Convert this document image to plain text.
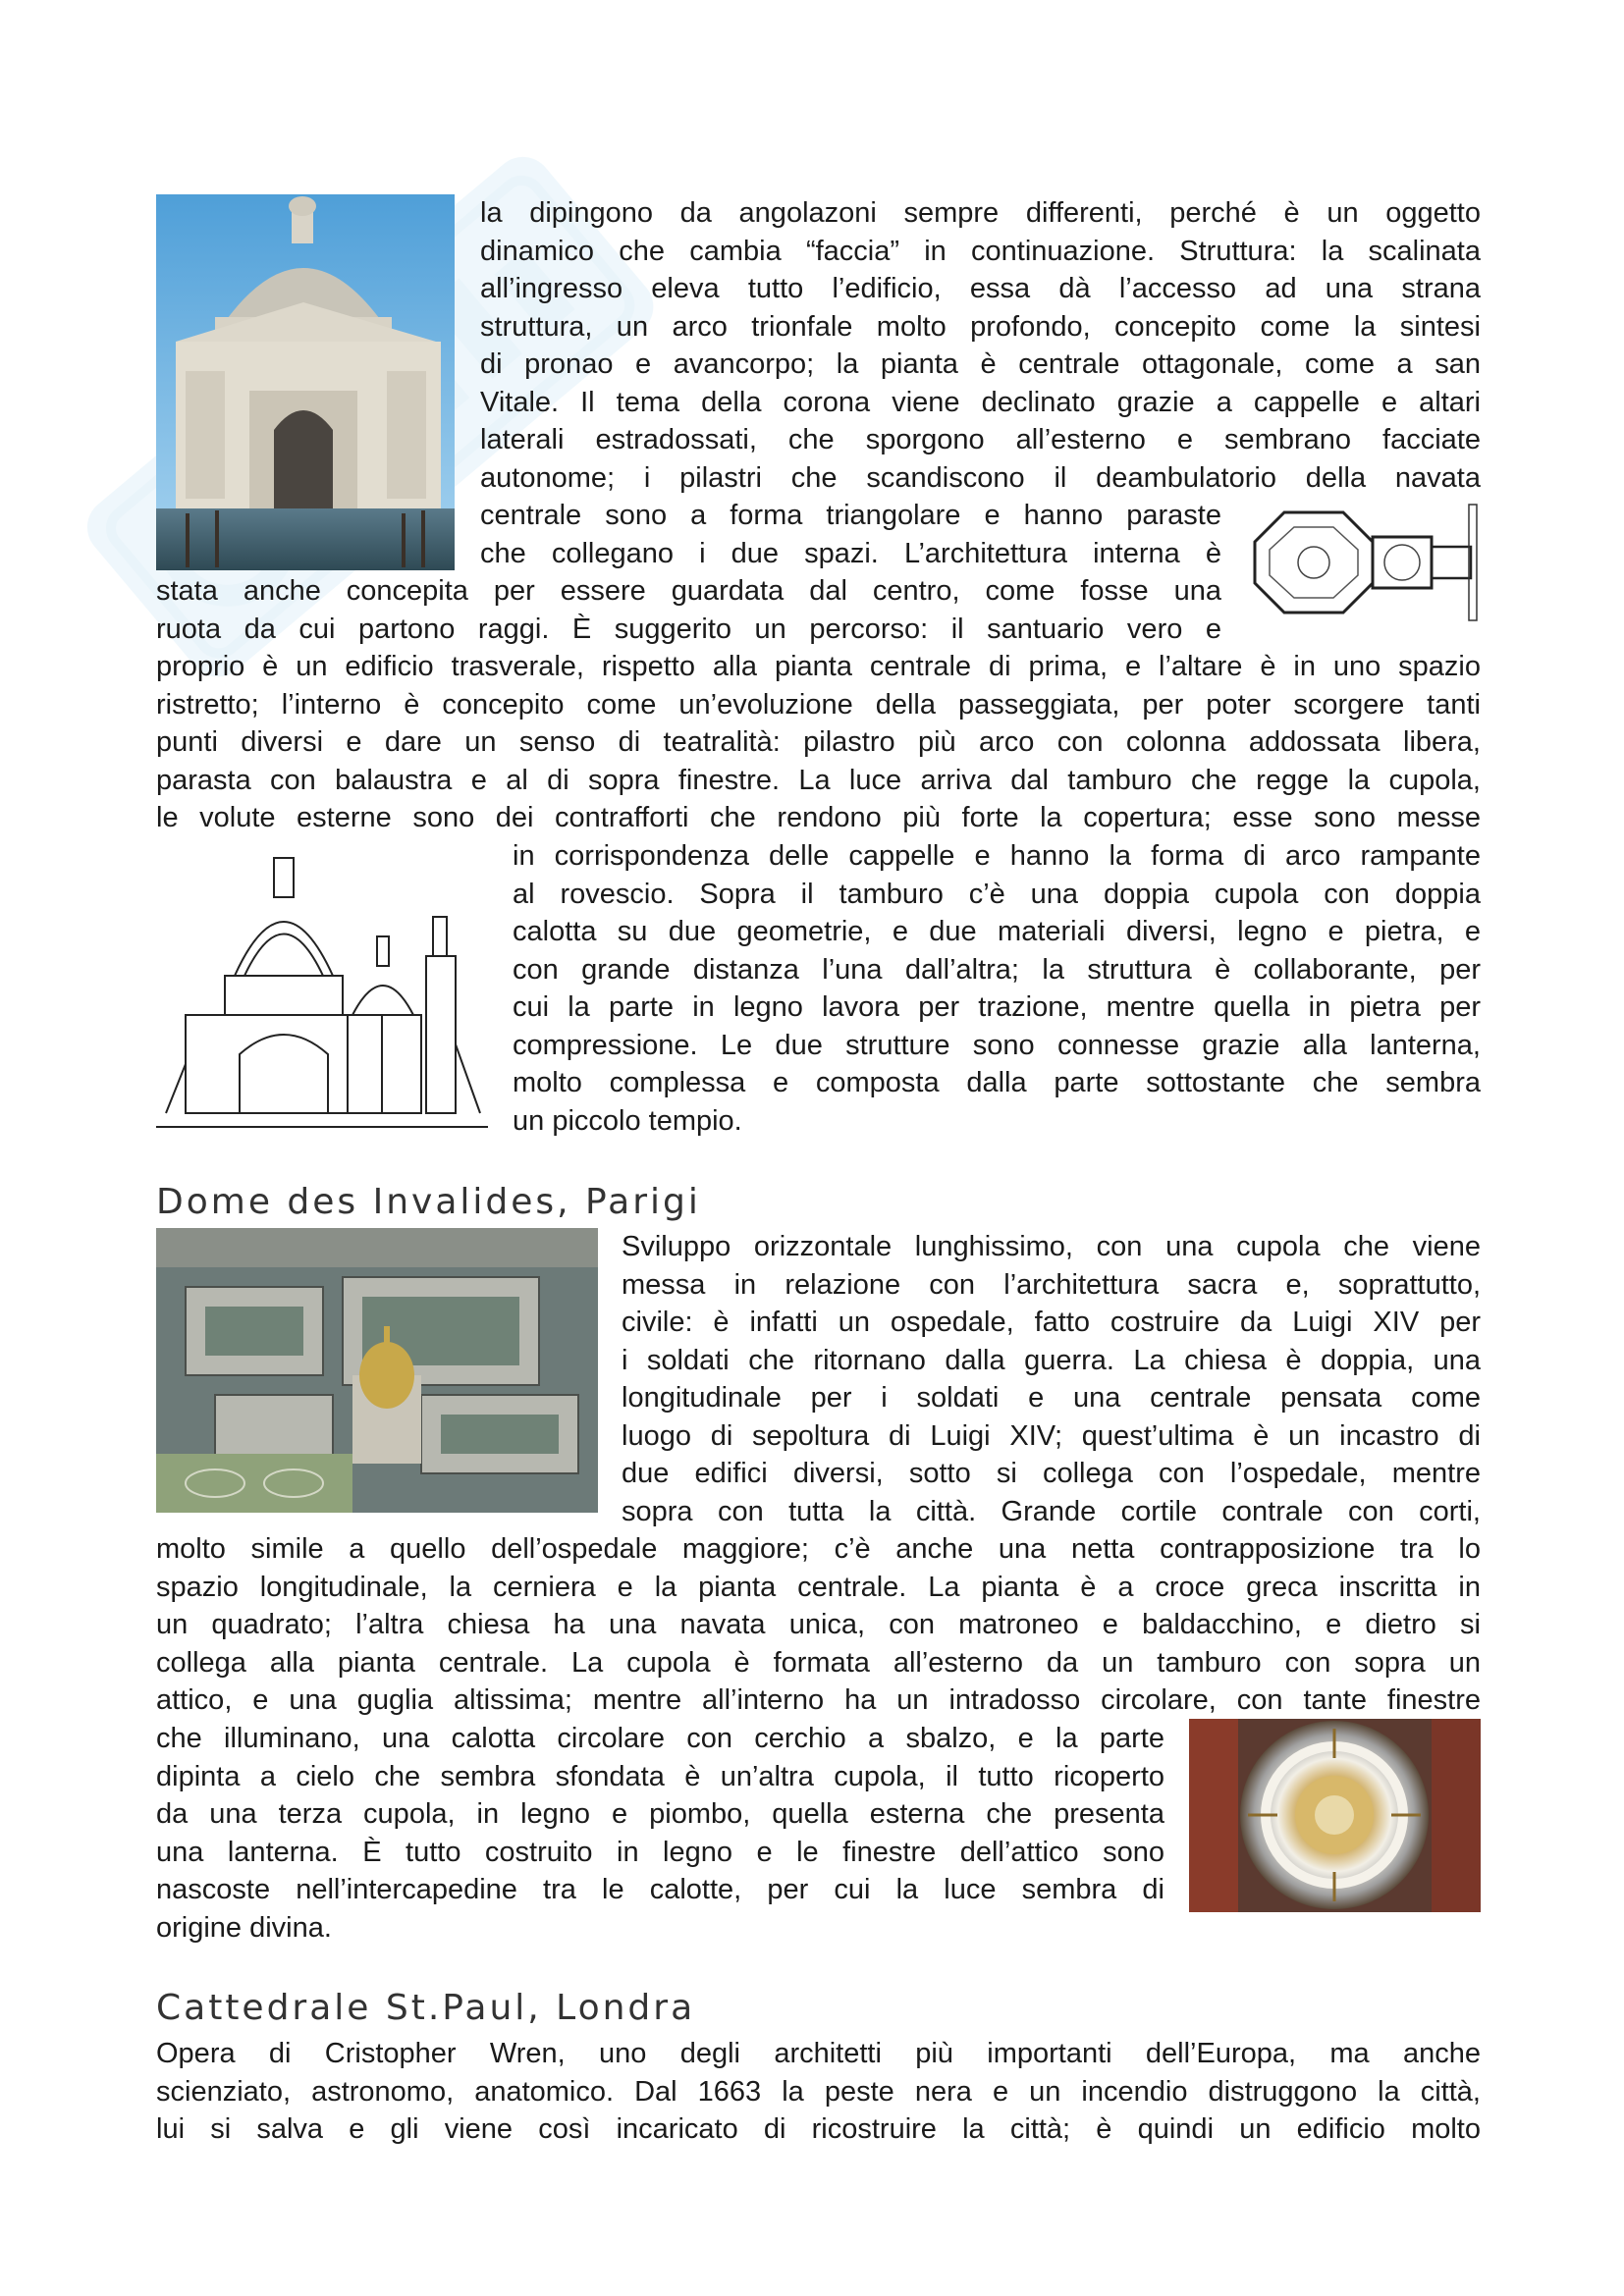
la dipingono da angolazoni sempre differenti, perché è un oggetto
dinamico che cambia “faccia” in continuazione. Struttura: la scalinata
all’ingresso eleva tutto l’edificio, essa dà l’accesso ad una strana
struttura, un arco trionfale molto profondo, concepito come la sintesi
di pronao e avancorpo; la pianta è centrale ottagonale, come a san
Vitale. Il tema della corona viene declinato grazie a cappelle e altari
laterali estradossati, che sporgono all’esterno e sembrano facciate
autonome; i pilastri che scandiscono il deambulatorio della navata
centrale sono a forma triangolare e hanno paraste
che collegano i due spazi. L’architettura interna è
stata anche concepita per essere guardata dal centro, come fosse una
ruota da cui partono raggi. È suggerito un percorso: il santuario vero e
proprio è un edificio trasverale, rispetto alla pianta centrale di prima, e l’altare è in uno spazio
ristretto; l’interno è concepito come un’evoluzione della passeggiata, per poter scorgere tanti
punti diversi e dare un senso di teatralità: pilastro più arco con colonna addossata libera,
parasta con balaustra e al di sopra finestre. La luce arriva dal tamburo che regge la cupola,
le volute esterne sono dei contrafforti che rendono più forte la copertura; esse sono messe
in corrispondenza delle cappelle e hanno la forma di arco rampante
al rovescio. Sopra il tamburo c’è una doppia cupola con doppia
calotta su due geometrie, e due materiali diversi, legno e pietra, e
con grande distanza l’una dall’altra; la struttura è collaborante, per
cui la parte in legno lavora per trazione, mentre quella in pietra per
compressione. Le due strutture sono connesse grazie alla lanterna,
molto complessa e composta dalla parte sottostante che sembra
un piccolo tempio.
Dome des Invalides, Parigi
Sviluppo orizzontale lunghissimo, con una cupola che viene
messa in relazione con l’architettura sacra e, soprattutto,
civile: è infatti un ospedale, fatto costruire da Luigi XIV per
i soldati che ritornano dalla guerra. La chiesa è doppia, una
longitudinale per i soldati e una centrale pensata come
luogo di sepoltura di Luigi XIV; quest’ultima è un incastro di
due edifici diversi, sotto si collega con l’ospedale, mentre
sopra con tutta la città. Grande cortile contrale con corti,
molto simile a quello dell’ospedale maggiore; c’è anche una netta contrapposizione tra lo
spazio longitudinale, la cerniera e la pianta centrale. La pianta è a croce greca inscritta in
un quadrato; l’altra chiesa ha una navata unica, con matroneo e baldacchino, e dietro si
collega alla pianta centrale. La cupola è formata all’esterno da un tamburo con sopra un
attico, e una guglia altissima; mentre all’interno ha un intradosso circolare, con tante finestre
che illuminano, una calotta circolare con cerchio a sbalzo, e la parte
dipinta a cielo che sembra sfondata è un’altra cupola, il tutto ricoperto
da una terza cupola, in legno e piombo, quella esterna che presenta
una lanterna. È tutto costruito in legno e le finestre dell’attico sono
nascoste nell’intercapedine tra le calotte, per cui la luce sembra di
origine divina.
Cattedrale St.Paul, Londra
Opera di Cristopher Wren, uno degli architetti più importanti dell’Europa, ma anche
scienziato, astronomo, anatomico. Dal 1663 la peste nera e un incendio distruggono la città,
lui si salva e gli viene così incaricato di ricostruire la città; è quindi un edificio molto
